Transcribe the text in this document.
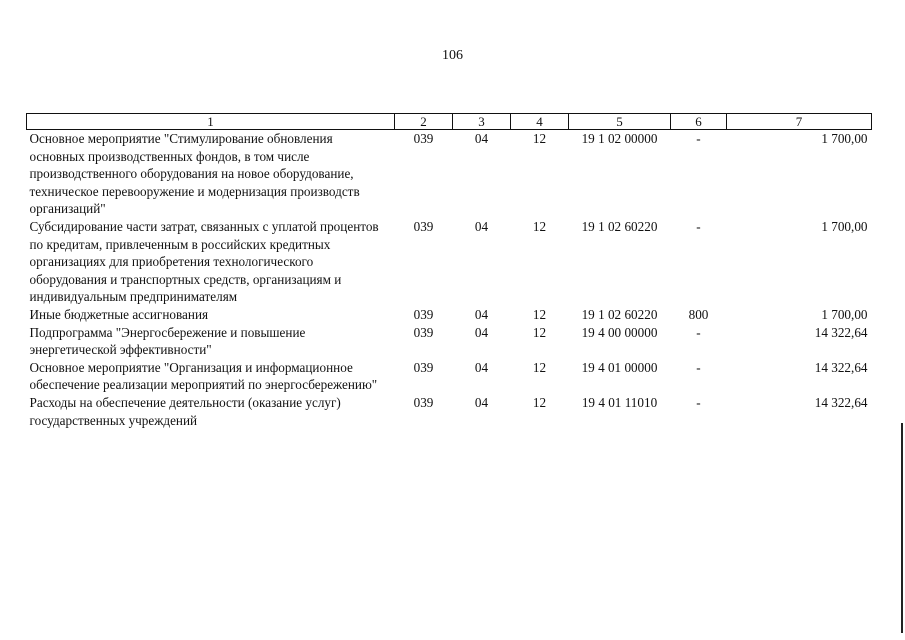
106
1	2	3	4	5	6	7
Основное мероприятие "Стимулирование обновления основных производственных фондов, в том числе производственного оборудования на новое оборудование, техническое перевооружение и модернизация производств организаций"	039	04	12	19 1 02 00000	-	1 700,00
Субсидирование части затрат, связанных с уплатой процентов по кредитам, привлеченным в российских кредитных организациях для приобретения технологического оборудования и транспортных средств, организациям и индивидуальным предпринимателям	039	04	12	19 1 02 60220	-	1 700,00
Иные бюджетные ассигнования	039	04	12	19 1 02 60220	800	1 700,00
Подпрограмма "Энергосбережение и повышение энергетической эффективности"	039	04	12	19 4 00 00000	-	14 322,64
Основное мероприятие "Организация и информационное обеспечение реализации мероприятий по энергосбережению"	039	04	12	19 4 01 00000	-	14 322,64
Расходы на обеспечение деятельности (оказание услуг) государственных учреждений	039	04	12	19 4 01 11010	-	14 322,64
